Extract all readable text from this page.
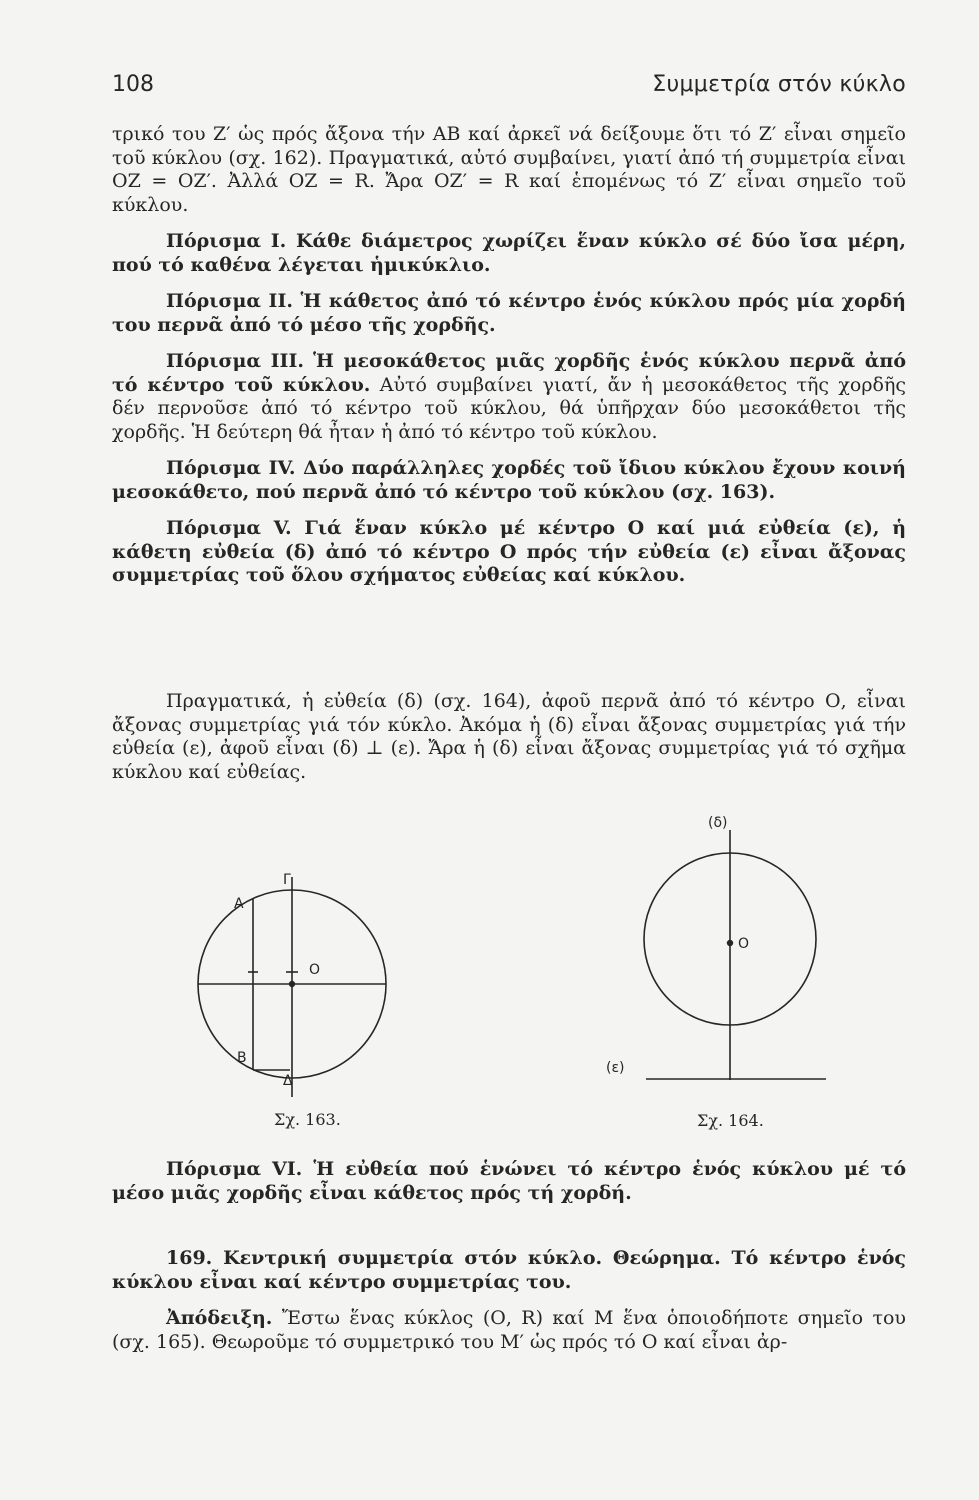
108	Συμμετρία στόν κύκλο

τρικό του Ζ′ ὡς πρός ἄξονα τήν ΑΒ καί ἀρκεῖ νά δείξουμε ὅτι τό Ζ′ εἶναι σημεῖο τοῦ κύκλου (σχ. 162). Πραγματικά, αὐτό συμβαίνει, γιατί ἀπό τή συμμετρία εἶναι ΟΖ = ΟΖ′. Ἀλλά ΟΖ = R. Ἄρα ΟΖ′ = R καί ἑπομένως τό Ζ′ εἶναι σημεῖο τοῦ κύκλου.

Πόρισμα I. Κάθε διάμετρος χωρίζει ἕναν κύκλο σέ δύο ἴσα μέρη, πού τό καθένα λέγεται ἡμικύκλιο.

Πόρισμα II. Ἡ κάθετος ἀπό τό κέντρο ἑνός κύκλου πρός μία χορδή του περνᾶ ἀπό τό μέσο τῆς χορδῆς.

Πόρισμα III. Ἡ μεσοκάθετος μιᾶς χορδῆς ἑνός κύκλου περνᾶ ἀπό τό κέντρο τοῦ κύκλου. Αὐτό συμβαίνει γιατί, ἄν ἡ μεσοκάθετος τῆς χορδῆς δέν περνοῦσε ἀπό τό κέντρο τοῦ κύκλου, θά ὑπῆρχαν δύο μεσοκάθετοι τῆς χορδῆς. Ἡ δεύτερη θά ἦταν ἡ ἀπό τό κέντρο τοῦ κύκλου.

Πόρισμα IV. Δύο παράλληλες χορδές τοῦ ἴδιου κύκλου ἔχουν κοινή μεσοκάθετο, πού περνᾶ ἀπό τό κέντρο τοῦ κύκλου (σχ. 163).

Πόρισμα V. Γιά ἕναν κύκλο μέ κέντρο Ο καί μιά εὐθεία (ε), ἡ κάθετη εὐθεία (δ) ἀπό τό κέντρο Ο πρός τήν εὐθεία (ε) εἶναι ἄξονας συμμετρίας τοῦ ὅλου σχήματος εὐθείας καί κύκλου.

Πραγματικά, ἡ εὐθεία (δ) (σχ. 164), ἀφοῦ περνᾶ ἀπό τό κέντρο Ο, εἶναι ἄξονας συμμετρίας γιά τόν κύκλο. Ἀκόμα ἡ (δ) εἶναι ἄξονας συμμετρίας γιά τήν εὐθεία (ε), ἀφοῦ εἶναι (δ) ⊥ (ε). Ἄρα ἡ (δ) εἶναι ἄξονας συμμετρίας γιά τό σχῆμα κύκλου καί εὐθείας.

A
B
Γ
Δ
O
Σχ. 163.
(δ)
O
(ε)
Σχ. 164.

Πόρισμα VI. Ἡ εὐθεία πού ἑνώνει τό κέντρο ἑνός κύκλου μέ τό μέσο μιᾶς χορδῆς εἶναι κάθετος πρός τή χορδή.

169. Κεντρική συμμετρία στόν κύκλο. Θεώρημα. Τό κέντρο ἑνός κύκλου εἶναι καί κέντρο συμμετρίας του.

Ἀπόδειξη. Ἔστω ἕνας κύκλος (Ο, R) καί Μ ἕνα ὁποιοδήποτε σημεῖο του (σχ. 165). Θεωροῦμε τό συμμετρικό του Μ′ ὡς πρός τό Ο καί εἶναι ἀρ-
